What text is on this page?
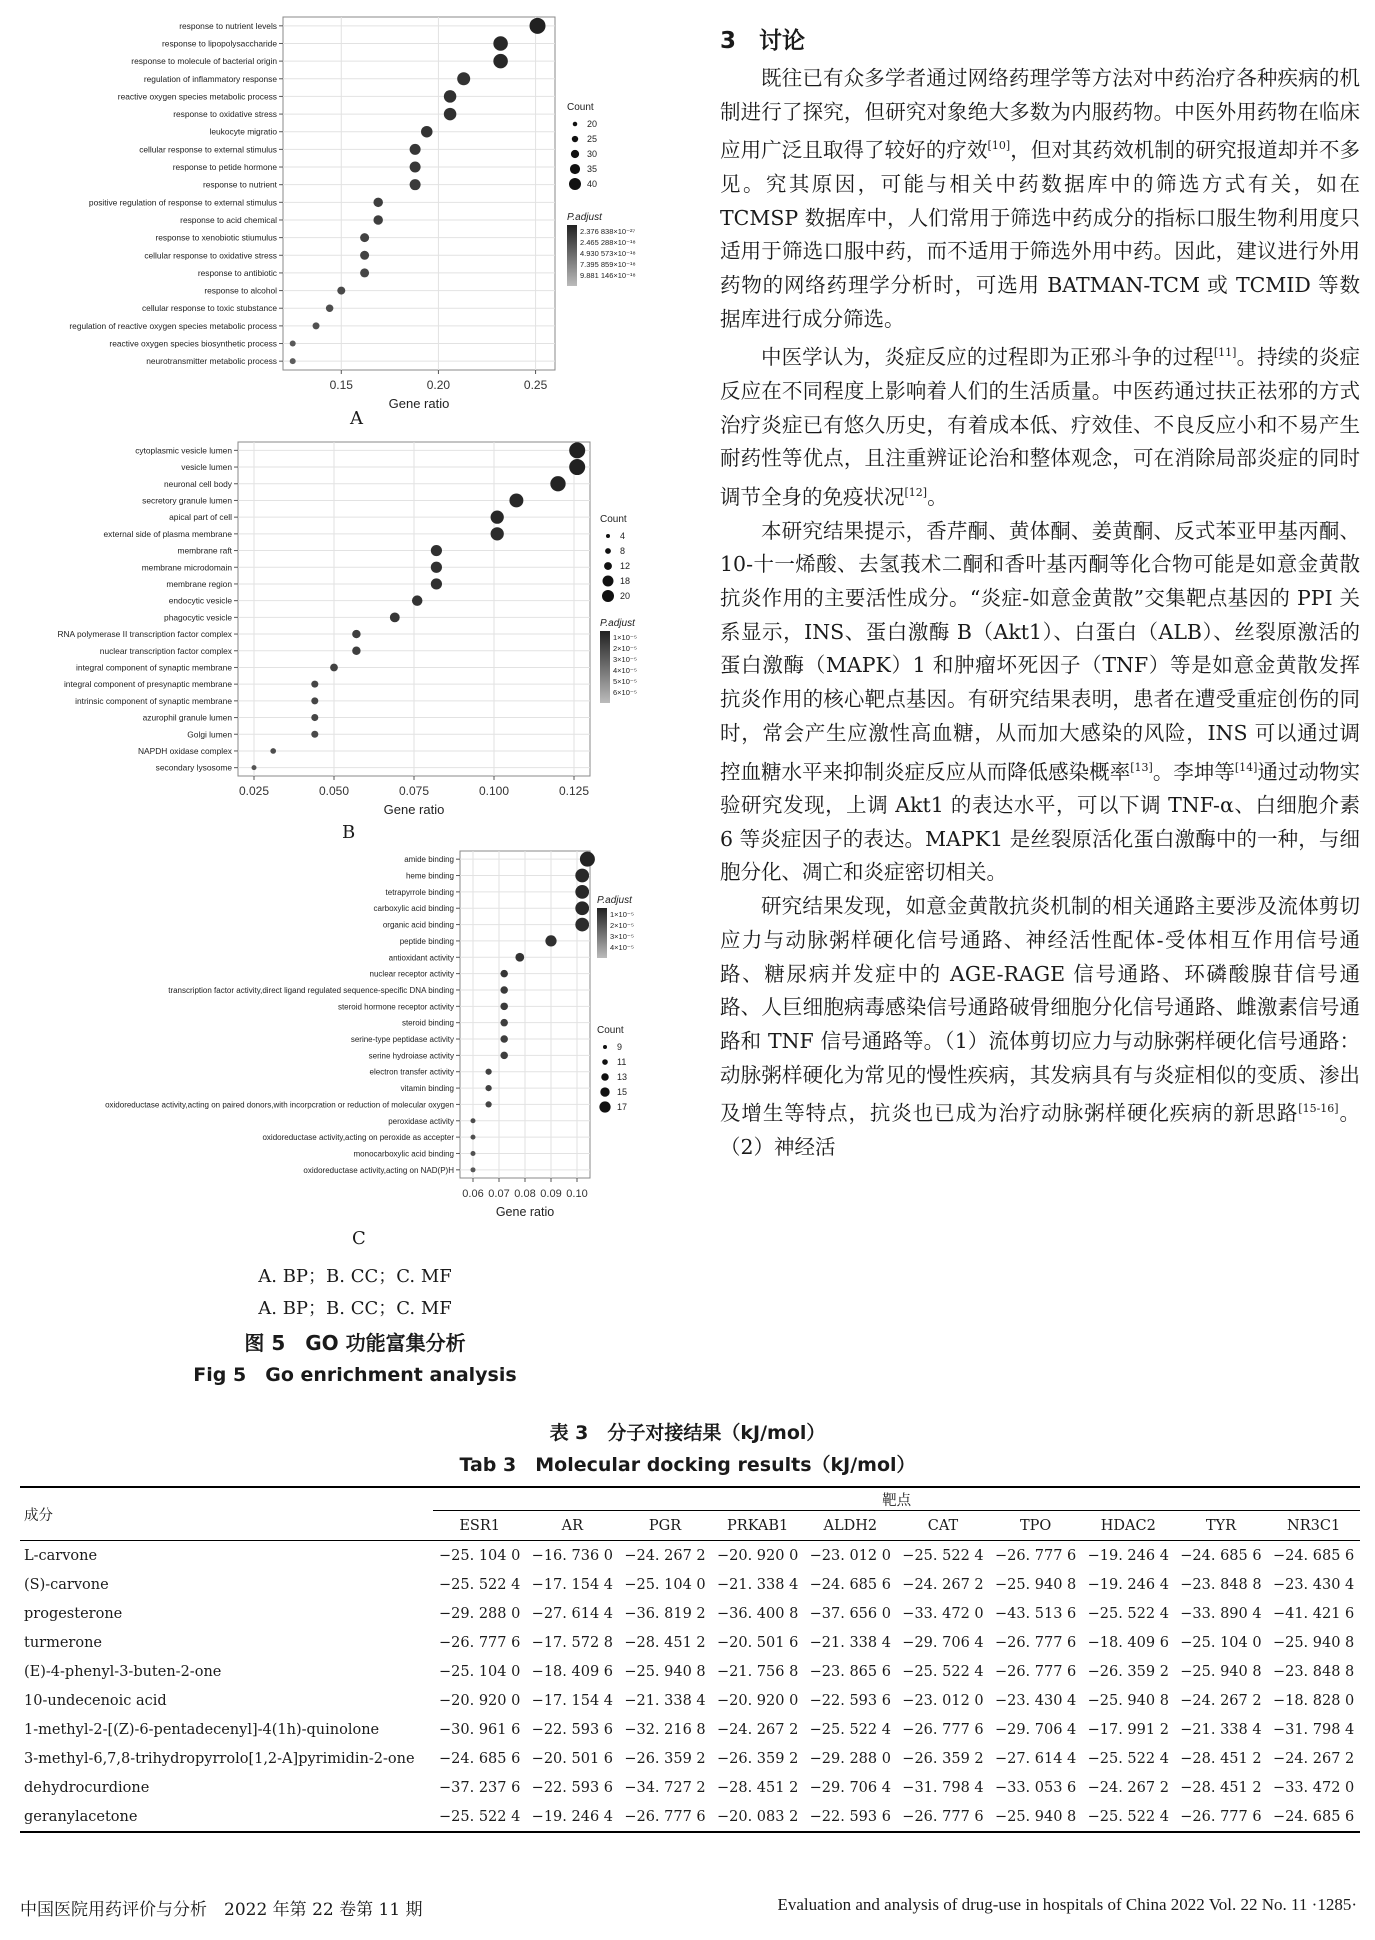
0.15	0.20	0.25
response to nutrient levels
response to lipopolysaccharide
response to molecule of bacterial origin
regulation of inflammatory response
reactive oxygen species metabolic process
response to oxidative stress
leukocyte migratio
cellular response to external stimulus
response to petide hormone
response to nutrient
positive regulation of response to external stimulus
response to acid chemical
response to xenobiotic stiumulus
cellular response to oxidative stress
response to antibiotic
response to alcohol
cellular response to toxic stubstance
regulation of reactive oxygen species metabolic process
reactive oxygen species biosynthetic process
neurotransmitter metabolic process
Gene ratio
Count
20
25
30
35
40
P.adjust
2.376 838×10⁻²⁷
2.465 288×10⁻¹⁸
4.930 573×10⁻¹⁸
7.395 859×10⁻¹⁸
9.881 146×10⁻¹⁸
A
0.025	0.050	0.075	0.100	0.125
cytoplasmic vesicle lumen
vesicle lumen
neuronal cell body
secretory granule lumen
apical part of cell
external side of plasma membrane
membrane raft
membrane microdomain
membrane region
endocytic vesicle
phagocytic vesicle
RNA polymerase II transcription factor complex
nuclear transcription factor complex
integral component of synaptic membrane
integral component of presynaptic membrane
intrinsic component of synaptic membrane
azurophil granule lumen
Golgi lumen
NAPDH oxidase complex
secondary lysosome
Gene ratio
Count
4
8
12
18
20
P.adjust
1×10⁻⁵
2×10⁻⁵
3×10⁻⁵
4×10⁻⁵
5×10⁻⁵
6×10⁻⁵
B
0.06 0.07 0.08 0.09 0.10
amide binding
heme binding
tetrapyrrole binding
carboxylic acid binding
organic acid binding
peptide binding
antioxidant activity
nuclear receptor activity
transcription factor activity,direct ligand regulated sequence-specific DNA binding
steroid hormone receptor activity
steroid binding
serine-type peptidase activity
serine hydroiase activity
electron transfer activity
vitamin binding
oxidoreductase activity,acting on paired donors,with incorpcration or reduction of molecular oxygen
peroxidase activity
oxidoreductase activity,acting on peroxide as accepter
monocarboxylic acid binding
oxidoreductase activity,acting on NAD(P)H
Gene ratio
Count
9
11
13
15
17
P.adjust
1×10⁻⁵
2×10⁻⁵
3×10⁻⁵
4×10⁻⁵
C
A. BP；B. CC；C. MF
A. BP；B. CC；C. MF
图 5　GO 功能富集分析
Fig 5　Go enrichment analysis
3　讨论

既往已有众多学者通过网络药理学等方法对中药治疗各种疾病的机制进行了探究，但研究对象绝大多数为内服药物。中医外用药物在临床应用广泛且取得了较好的疗效[10]，但对其药效机制的研究报道却并不多见。究其原因，可能与相关中药数据库中的筛选方式有关，如在 TCMSP 数据库中，人们常用于筛选中药成分的指标口服生物利用度只适用于筛选口服中药，而不适用于筛选外用中药。因此，建议进行外用药物的网络药理学分析时，可选用 BATMAN-TCM 或 TCMID 等数据库进行成分筛选。

中医学认为，炎症反应的过程即为正邪斗争的过程[11]。持续的炎症反应在不同程度上影响着人们的生活质量。中医药通过扶正祛邪的方式治疗炎症已有悠久历史，有着成本低、疗效佳、不良反应小和不易产生耐药性等优点，且注重辨证论治和整体观念，可在消除局部炎症的同时调节全身的免疫状况[12]。

本研究结果提示，香芹酮、黄体酮、姜黄酮、反式苯亚甲基丙酮、10-十一烯酸、去氢莪术二酮和香叶基丙酮等化合物可能是如意金黄散抗炎作用的主要活性成分。“炎症-如意金黄散”交集靶点基因的 PPI 关系显示，INS、蛋白激酶 B（Akt1）、白蛋白（ALB）、丝裂原激活的蛋白激酶（MAPK）1 和肿瘤坏死因子（TNF）等是如意金黄散发挥抗炎作用的核心靶点基因。有研究结果表明，患者在遭受重症创伤的同时，常会产生应激性高血糖，从而加大感染的风险，INS 可以通过调控血糖水平来抑制炎症反应从而降低感染概率[13]。李坤等[14]通过动物实验研究发现，上调 Akt1 的表达水平，可以下调 TNF-α、白细胞介素 6 等炎症因子的表达。MAPK1 是丝裂原活化蛋白激酶中的一种，与细胞分化、凋亡和炎症密切相关。

研究结果发现，如意金黄散抗炎机制的相关通路主要涉及流体剪切应力与动脉粥样硬化信号通路、神经活性配体-受体相互作用信号通路、糖尿病并发症中的 AGE-RAGE 信号通路、环磷酸腺苷信号通路、人巨细胞病毒感染信号通路破骨细胞分化信号通路、雌激素信号通路和 TNF 信号通路等。（1）流体剪切应力与动脉粥样硬化信号通路：动脉粥样硬化为常见的慢性疾病，其发病具有与炎症相似的变质、渗出及增生等特点，抗炎也已成为治疗动脉粥样硬化疾病的新思路[15-16]。（2）神经活

表 3　分子对接结果（kJ/mol）
Tab 3　Molecular docking results（kJ/mol）
成分	靶点									
	ESR1	AR	PGR	PRKAB1	ALDH2	CAT	TPO	HDAC2	TYR	NR3C1
L-carvone	−25. 104 0	−16. 736 0	−24. 267 2	−20. 920 0	−23. 012 0	−25. 522 4	−26. 777 6	−19. 246 4	−24. 685 6	−24. 685 6
(S)-carvone	−25. 522 4	−17. 154 4	−25. 104 0	−21. 338 4	−24. 685 6	−24. 267 2	−25. 940 8	−19. 246 4	−23. 848 8	−23. 430 4
progesterone	−29. 288 0	−27. 614 4	−36. 819 2	−36. 400 8	−37. 656 0	−33. 472 0	−43. 513 6	−25. 522 4	−33. 890 4	−41. 421 6
turmerone	−26. 777 6	−17. 572 8	−28. 451 2	−20. 501 6	−21. 338 4	−29. 706 4	−26. 777 6	−18. 409 6	−25. 104 0	−25. 940 8
(E)-4-phenyl-3-buten-2-one	−25. 104 0	−18. 409 6	−25. 940 8	−21. 756 8	−23. 865 6	−25. 522 4	−26. 777 6	−26. 359 2	−25. 940 8	−23. 848 8
10-undecenoic acid	−20. 920 0	−17. 154 4	−21. 338 4	−20. 920 0	−22. 593 6	−23. 012 0	−23. 430 4	−25. 940 8	−24. 267 2	−18. 828 0
1-methyl-2-[(Z)-6-pentadecenyl]-4(1h)-quinolone	−30. 961 6	−22. 593 6	−32. 216 8	−24. 267 2	−25. 522 4	−26. 777 6	−29. 706 4	−17. 991 2	−21. 338 4	−31. 798 4
3-methyl-6,7,8-trihydropyrrolo[1,2-A]pyrimidin-2-one	−24. 685 6	−20. 501 6	−26. 359 2	−26. 359 2	−29. 288 0	−26. 359 2	−27. 614 4	−25. 522 4	−28. 451 2	−24. 267 2
dehydrocurdione	−37. 237 6	−22. 593 6	−34. 727 2	−28. 451 2	−29. 706 4	−31. 798 4	−33. 053 6	−24. 267 2	−28. 451 2	−33. 472 0
geranylacetone	−25. 522 4	−19. 246 4	−26. 777 6	−20. 083 2	−22. 593 6	−26. 777 6	−25. 940 8	−25. 522 4	−26. 777 6	−24. 685 6
中国医院用药评价与分析　2022 年第 22 卷第 11 期	Evaluation and analysis of drug-use in hospitals of China 2022 Vol. 22 No. 11 ·1285·
